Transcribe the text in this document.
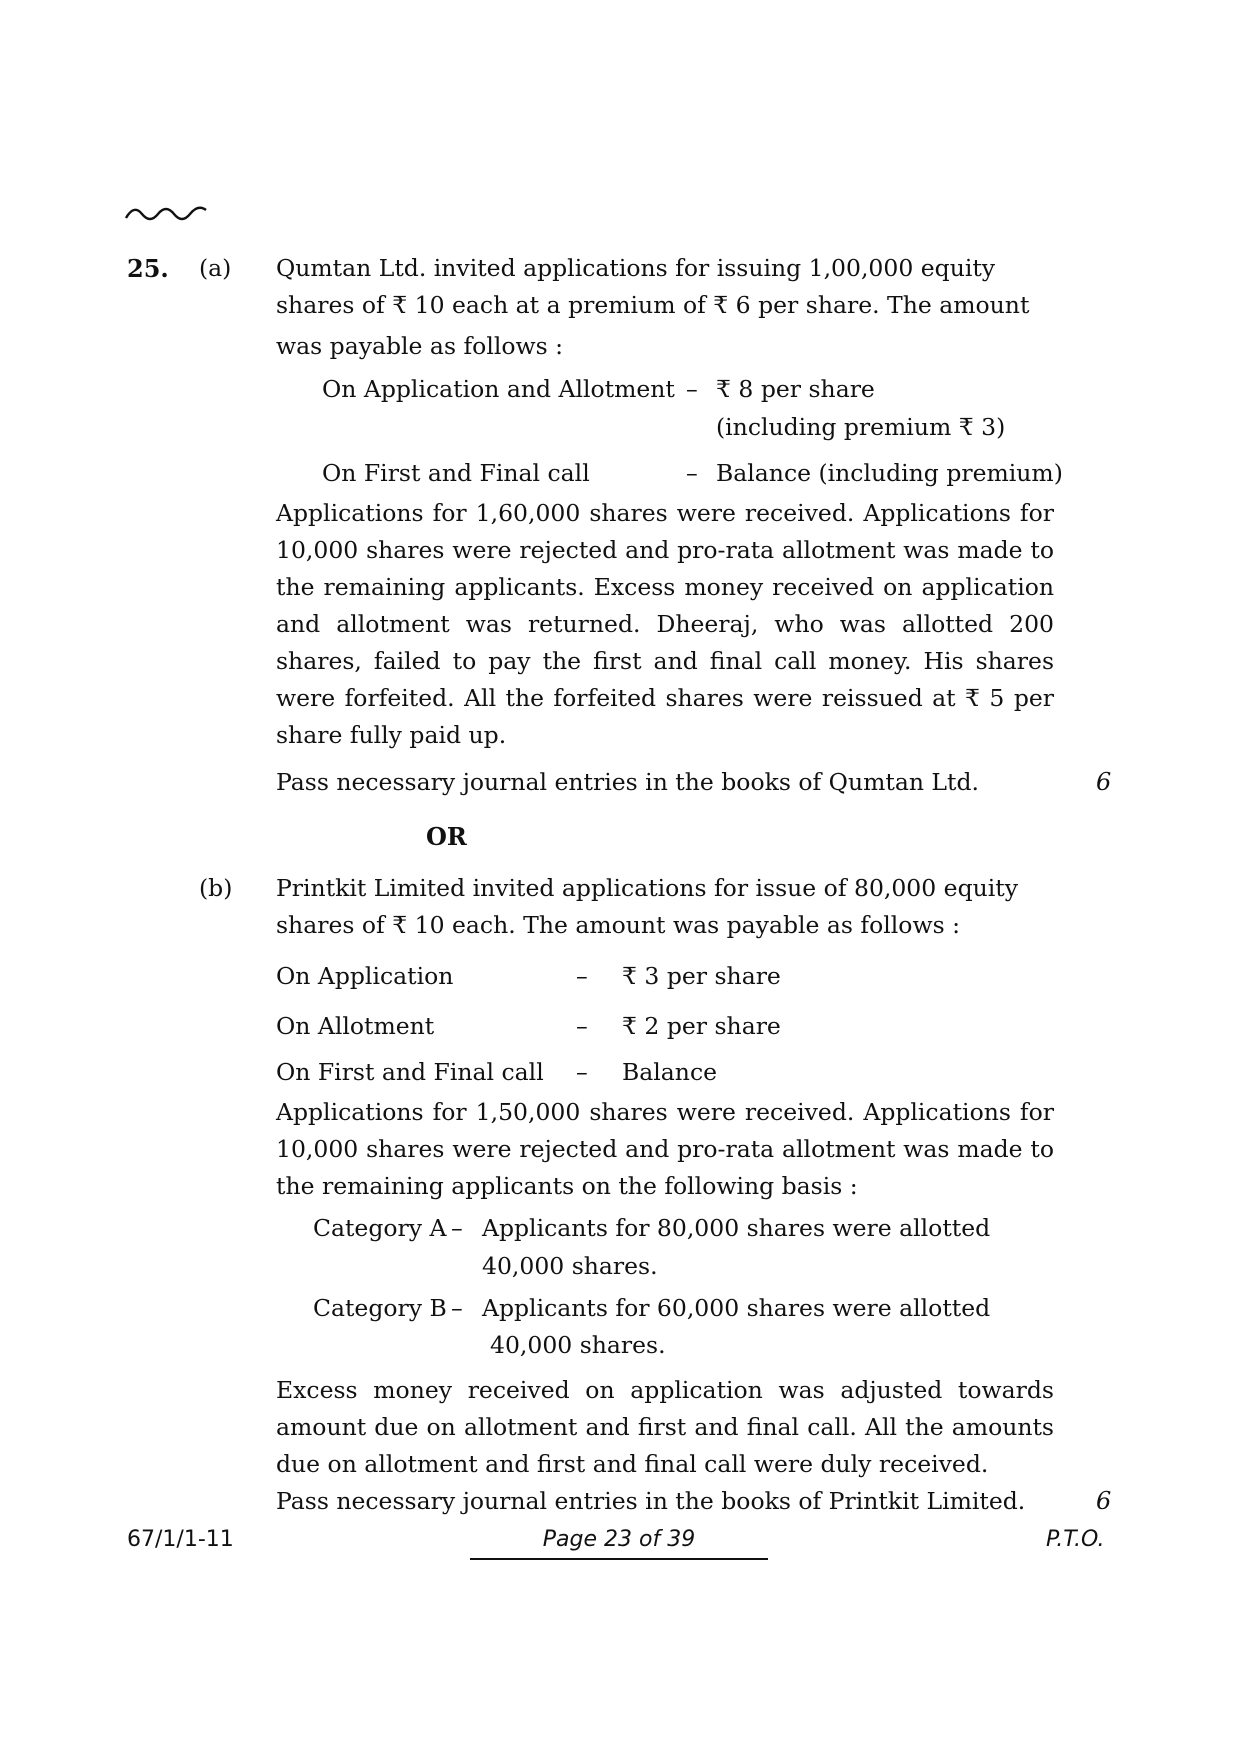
25. (a) Qumtan Ltd. invited applications for issuing 1,00,000 equity
shares of ₹ 10 each at a premium of ₹ 6 per share. The amount
was payable as follows :
On Application and Allotment – ₹ 8 per share
(including premium ₹ 3)
On First and Final call	– Balance (including premium)
Applications for 1,60,000 shares were received. Applications for 10,000 shares were rejected and pro-rata allotment was made to the remaining applicants. Excess money received on application and allotment was returned. Dheeraj, who was allotted 200 shares, failed to pay the first and final call money. His shares were forfeited. All the forfeited shares were reissued at ₹ 5 per share fully paid up.
Pass necessary journal entries in the books of Qumtan Ltd.	6
OR
(b) Printkit Limited invited applications for issue of 80,000 equity
shares of ₹ 10 each. The amount was payable as follows :
On Application	– ₹ 3 per share
On Allotment	– ₹ 2 per share
On First and Final call – Balance
Applications for 1,50,000 shares were received. Applications for 10,000 shares were rejected and pro-rata allotment was made to the remaining applicants on the following basis :
Category A – Applicants for 80,000 shares were allotted
40,000 shares.
Category B – Applicants for 60,000 shares were allotted
40,000 shares.
Excess money received on application was adjusted towards amount due on allotment and first and final call. All the amounts due on allotment and first and final call were duly received.
Pass necessary journal entries in the books of Printkit Limited.	6
67/1/1-11	Page 23 of 39	P.T.O.
